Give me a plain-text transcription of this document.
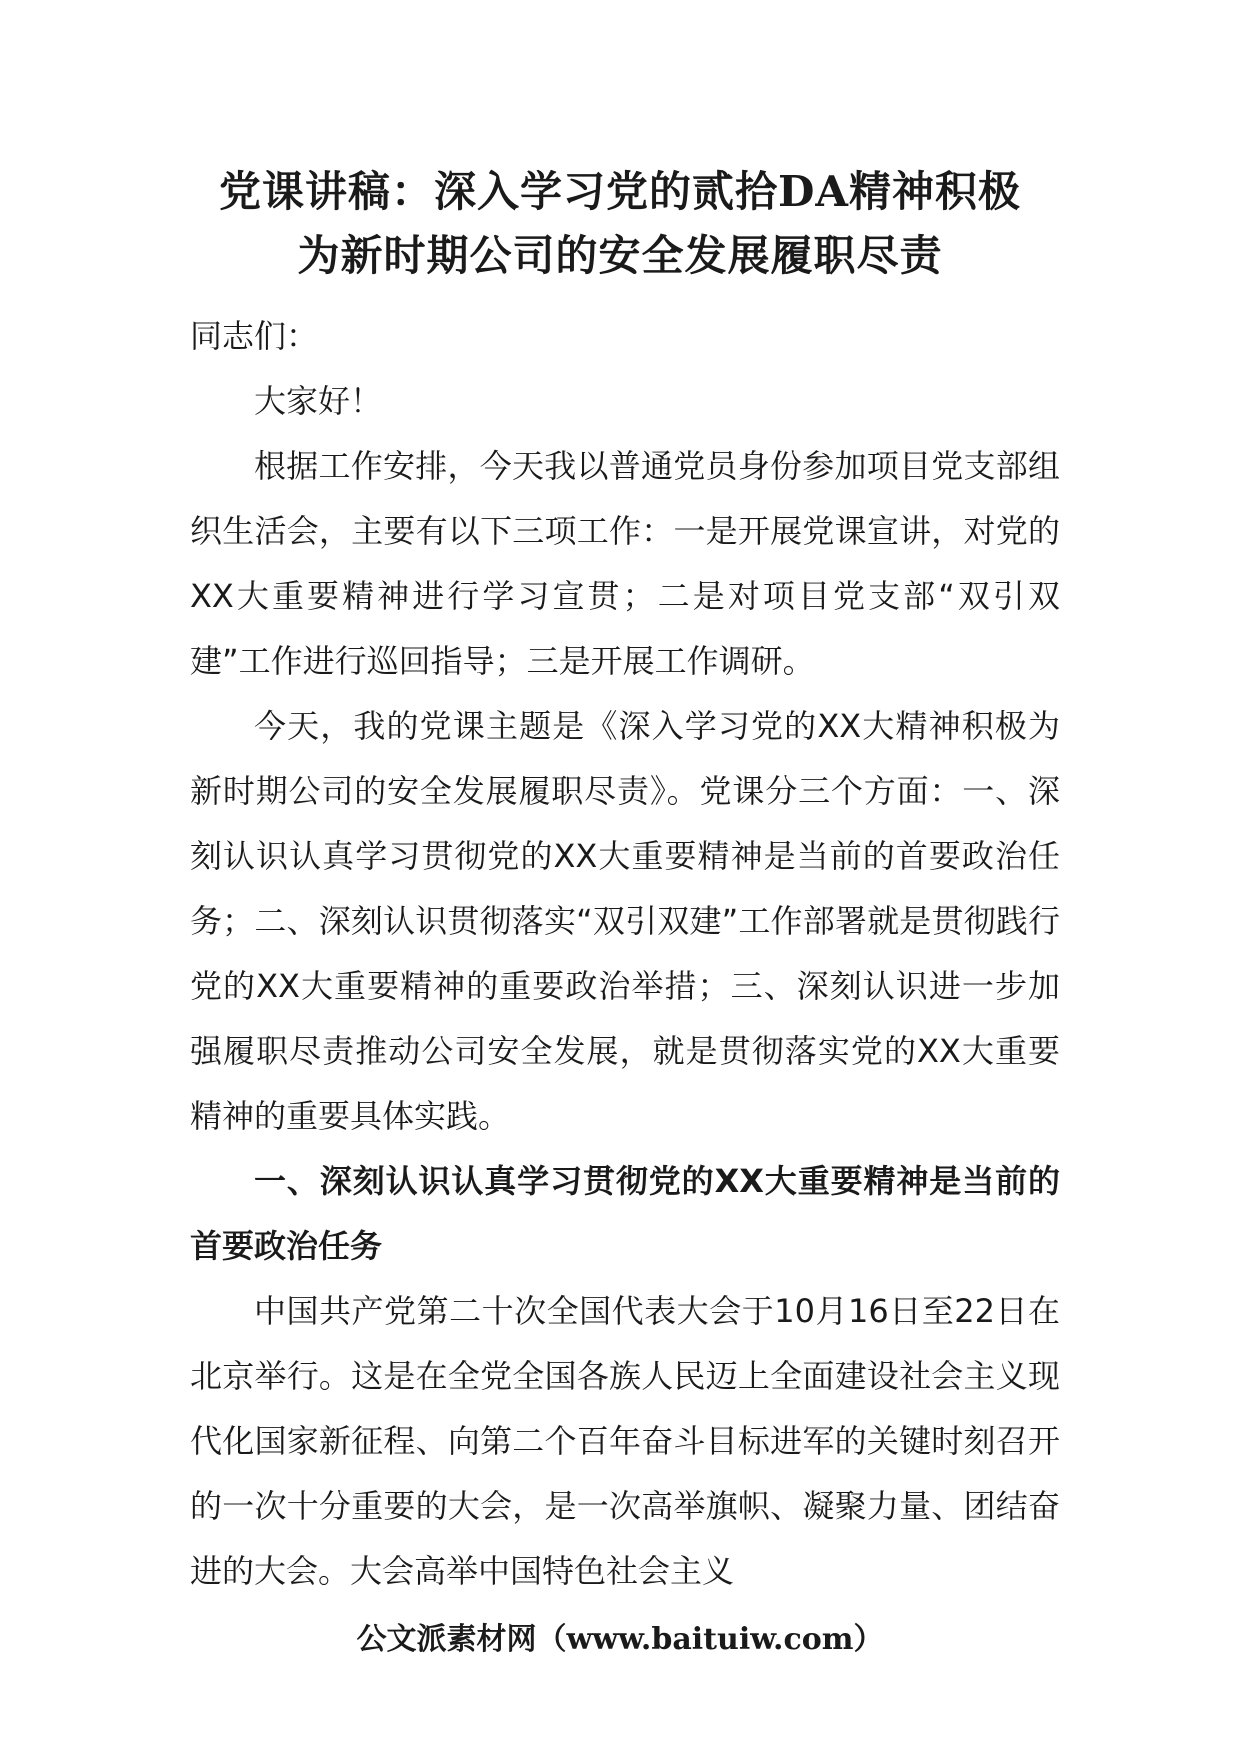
党课讲稿：深入学习党的贰拾DA精神积极
为新时期公司的安全发展履职尽责

同志们：

大家好！

根据工作安排，今天我以普通党员身份参加项目党支部组织生活会，主要有以下三项工作：一是开展党课宣讲，对党的XX大重要精神进行学习宣贯；二是对项目党支部“双引双建”工作进行巡回指导；三是开展工作调研。

今天，我的党课主题是《深入学习党的XX大精神积极为新时期公司的安全发展履职尽责》。党课分三个方面：一、深刻认识认真学习贯彻党的XX大重要精神是当前的首要政治任务；二、深刻认识贯彻落实“双引双建”工作部署就是贯彻践行党的XX大重要精神的重要政治举措；三、深刻认识进一步加强履职尽责推动公司安全发展，就是贯彻落实党的XX大重要精神的重要具体实践。

一、深刻认识认真学习贯彻党的XX大重要精神是当前的首要政治任务

中国共产党第二十次全国代表大会于10月16日至22日在北京举行。这是在全党全国各族人民迈上全面建设社会主义现代化国家新征程、向第二个百年奋斗目标进军的关键时刻召开的一次十分重要的大会，是一次高举旗帜、凝聚力量、团结奋进的大会。大会高举中国特色社会主义

公文派素材网（www.baituiw.com）
